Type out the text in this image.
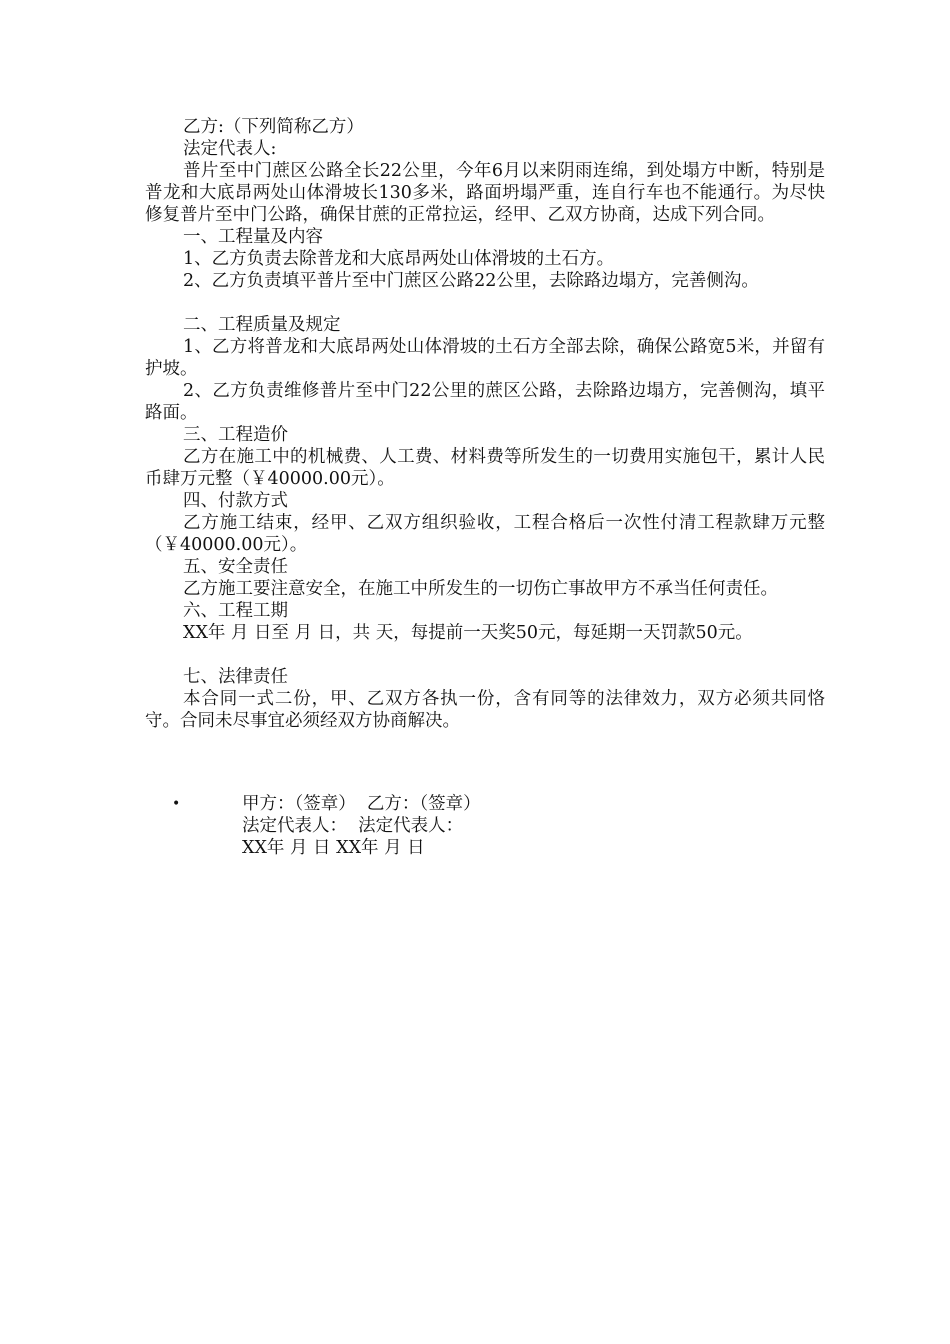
乙方:（下列简称乙方）
法定代表人:
普片至中门蔗区公路全长22公里，今年6月以来阴雨连绵，到处塌方中断，特别是普龙和大底昂两处山体滑坡长130多米，路面坍塌严重，连自行车也不能通行。为尽快修复普片至中门公路，确保甘蔗的正常拉运，经甲、乙双方协商，达成下列合同。
一、工程量及内容
1、乙方负责去除普龙和大底昂两处山体滑坡的土石方。
2、乙方负责填平普片至中门蔗区公路22公里，去除路边塌方，完善侧沟。
二、工程质量及规定
1、乙方将普龙和大底昂两处山体滑坡的土石方全部去除，确保公路宽5米，并留有护坡。
2、乙方负责维修普片至中门22公里的蔗区公路，去除路边塌方，完善侧沟，填平路面。
三、工程造价
乙方在施工中的机械费、人工费、材料费等所发生的一切费用实施包干，累计人民币肆万元整（￥40000.00元）。
四、付款方式
乙方施工结束，经甲、乙双方组织验收，工程合格后一次性付清工程款肆万元整（￥40000.00元）。
五、安全责任
乙方施工要注意安全，在施工中所发生的一切伤亡事故甲方不承当任何责任。
六、工程工期
XX年 月 日至 月 日，共 天，每提前一天奖50元，每延期一天罚款50元。
七、法律责任
本合同一式二份，甲、乙双方各执一份，含有同等的法律效力，双方必须共同恪守。合同未尽事宜必须经双方协商解决。
•	甲方：（签章）  乙方：（签章）
法定代表人：  法定代表人：
XX年 月 日 XX年 月 日
